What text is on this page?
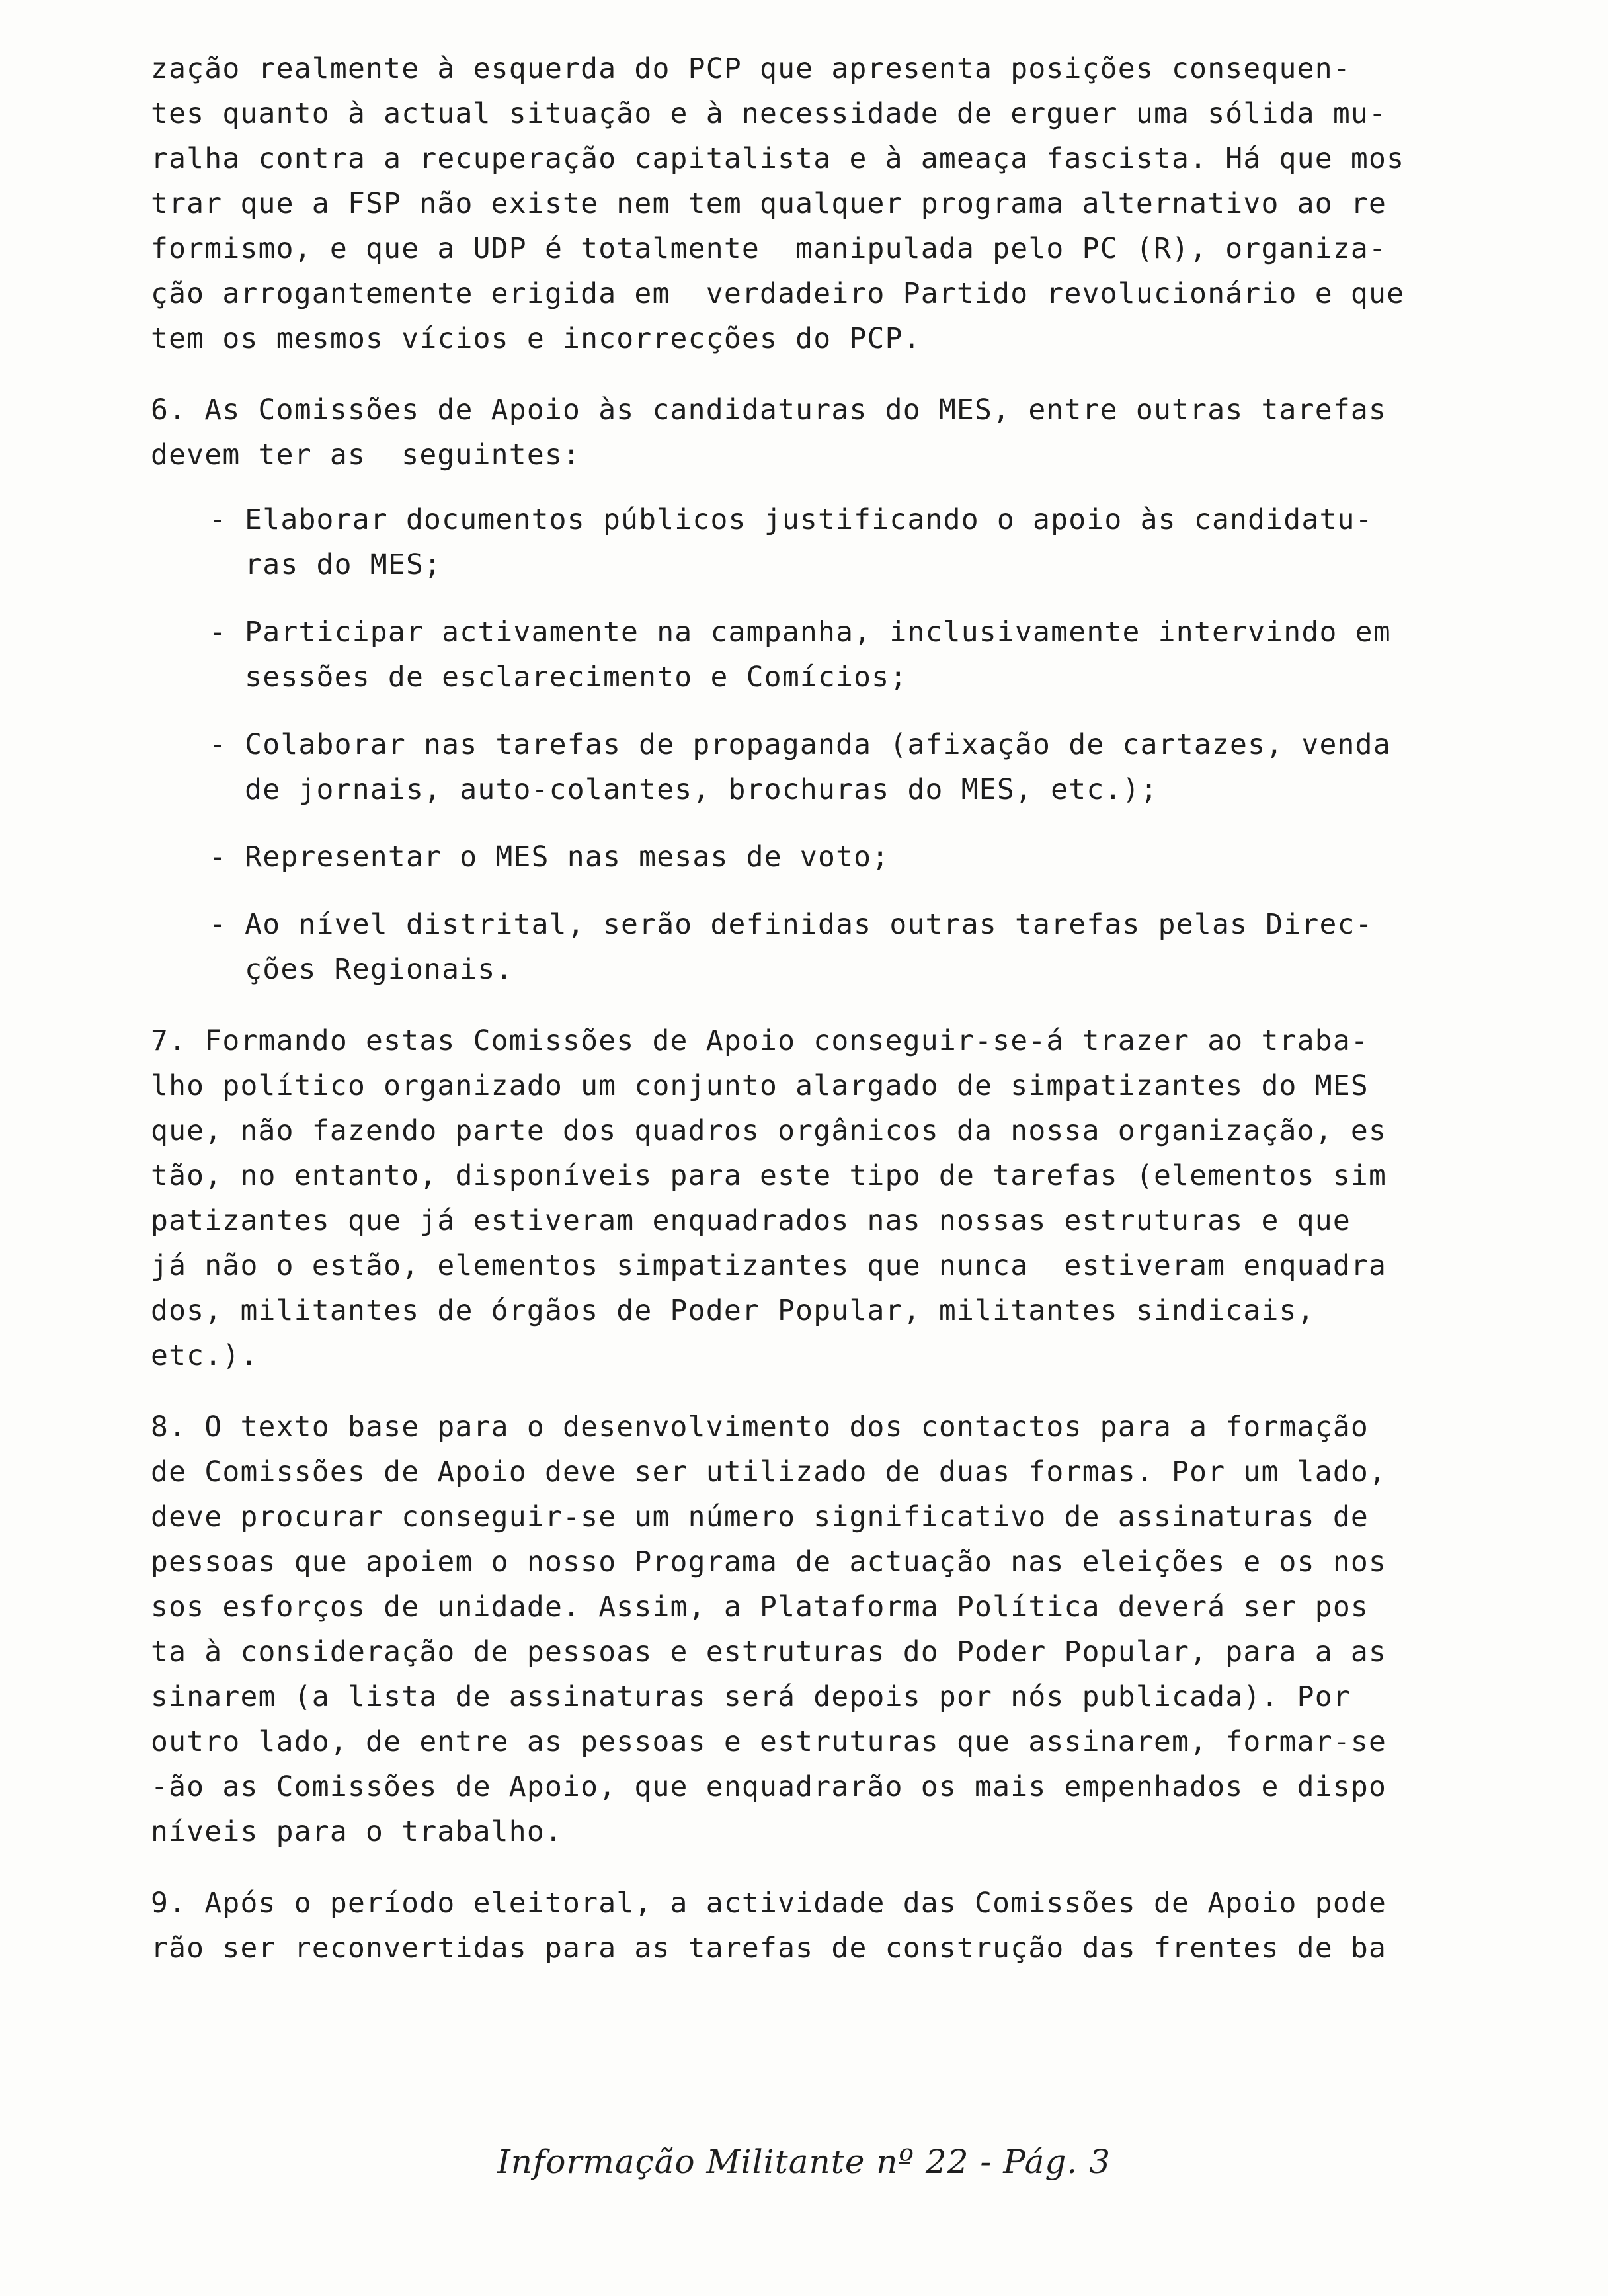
zação realmente à esquerda do PCP que apresenta posições consequen-
tes quanto à actual situação e à necessidade de erguer uma sólida mu-
ralha contra a recuperação capitalista e à ameaça fascista. Há que mos
trar que a FSP não existe nem tem qualquer programa alternativo ao re
formismo, e que a UDP é totalmente  manipulada pelo PC (R), organiza-
ção arrogantemente erigida em  verdadeiro Partido revolucionário e que
tem os mesmos vícios e incorrecções do PCP.
6. As Comissões de Apoio às candidaturas do MES, entre outras tarefas
devem ter as  seguintes:
- Elaborar documentos públicos justificando o apoio às candidatu-
ras do MES;
- Participar activamente na campanha, inclusivamente intervindo em
sessões de esclarecimento e Comícios;
- Colaborar nas tarefas de propaganda (afixação de cartazes, venda
de jornais, auto-colantes, brochuras do MES, etc.);
- Representar o MES nas mesas de voto;
- Ao nível distrital, serão definidas outras tarefas pelas Direc-
ções Regionais.
7. Formando estas Comissões de Apoio conseguir-se-á trazer ao traba-
lho político organizado um conjunto alargado de simpatizantes do MES
que, não fazendo parte dos quadros orgânicos da nossa organização, es
tão, no entanto, disponíveis para este tipo de tarefas (elementos sim
patizantes que já estiveram enquadrados nas nossas estruturas e que
já não o estão, elementos simpatizantes que nunca  estiveram enquadra
dos, militantes de órgãos de Poder Popular, militantes sindicais,
etc.).
8. O texto base para o desenvolvimento dos contactos para a formação
de Comissões de Apoio deve ser utilizado de duas formas. Por um lado,
deve procurar conseguir-se um número significativo de assinaturas de
pessoas que apoiem o nosso Programa de actuação nas eleições e os nos
sos esforços de unidade. Assim, a Plataforma Política deverá ser pos
ta à consideração de pessoas e estruturas do Poder Popular, para a as
sinarem (a lista de assinaturas será depois por nós publicada). Por
outro lado, de entre as pessoas e estruturas que assinarem, formar-se
-ão as Comissões de Apoio, que enquadrarão os mais empenhados e dispo
níveis para o trabalho.
9. Após o período eleitoral, a actividade das Comissões de Apoio pode
rão ser reconvertidas para as tarefas de construção das frentes de ba
Informação Militante nº 22 - Pág. 3
